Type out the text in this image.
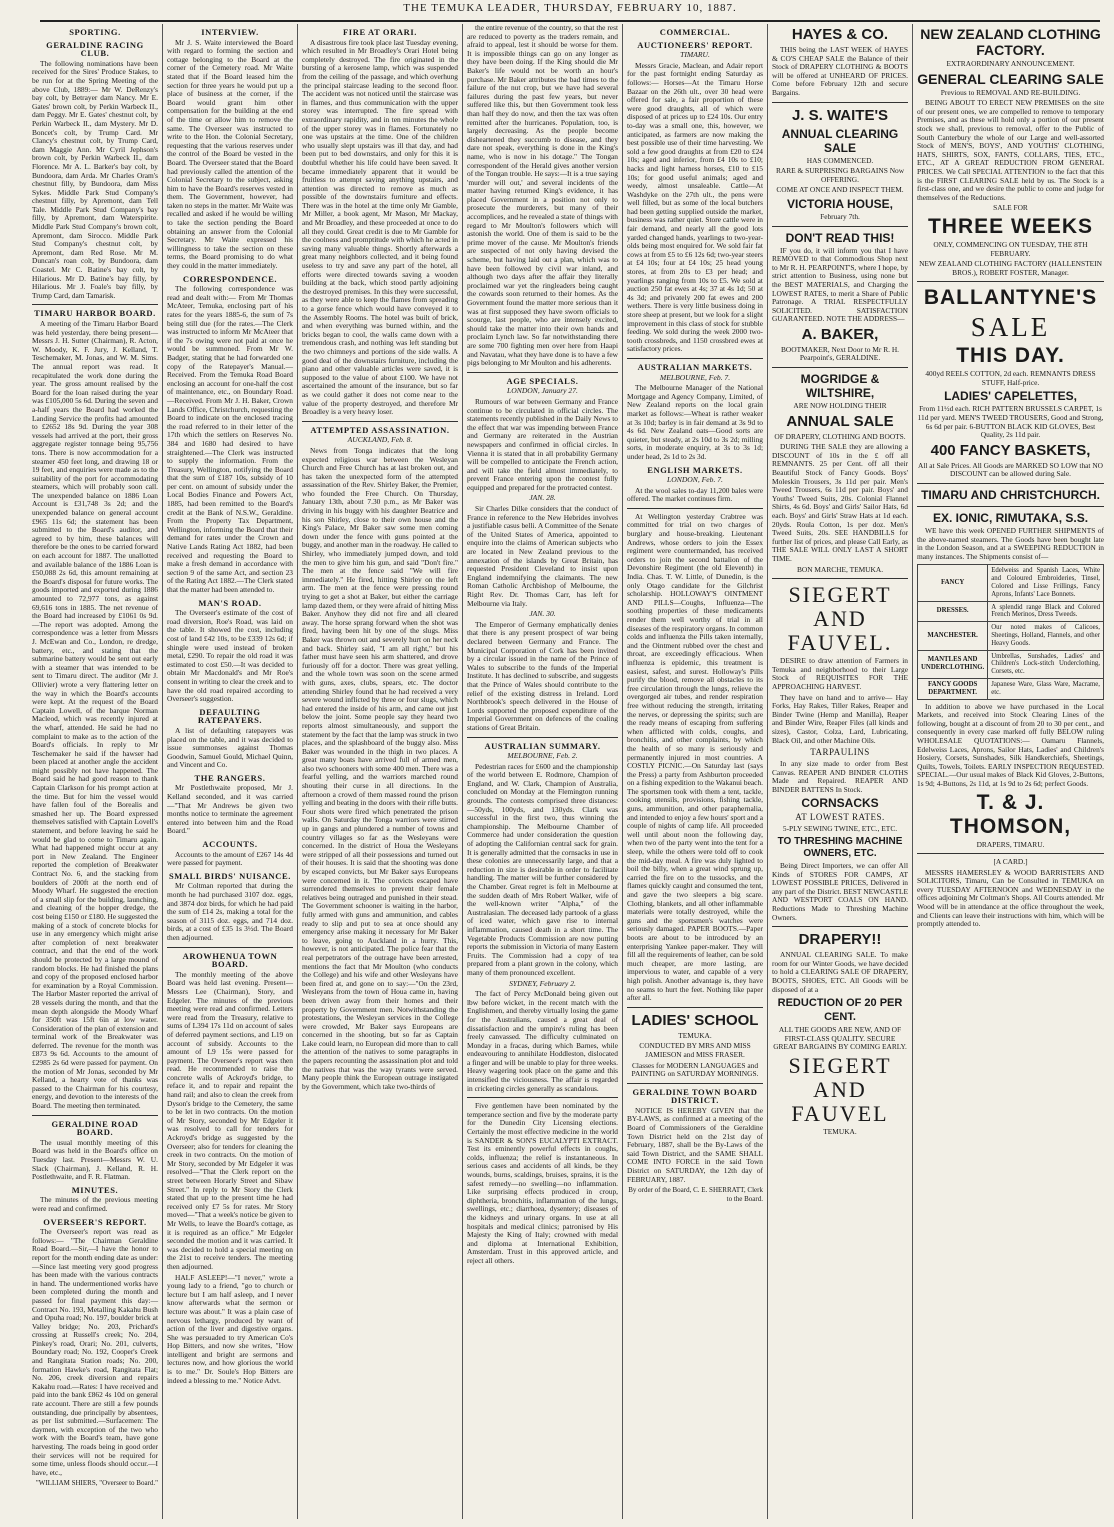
THE TEMUKA LEADER, THURSDAY, FEBRUARY 10, 1887.
SPORTING.
GERALDINE RACING CLUB.

The following nominations have been received for the Sires' Produce Stakes, to be run for at the Spring Meeting of the above Club, 1889:— Mr W. DeRenzy's bay colt, by Betrayer dam Nancy. Mr E. Gates' brown colt, by Perkin Warbeck II., dam Peggy. Mr E. Gates' chestnut colt, by Perkin Warbeck II., dam Mystery. Mr D. Boncet's colt, by Trump Card. Mr Clancy's chestnut colt, by Trump Card, dam Maggie Ann. Mr Cyril Jephson's brown colt, by Perkin Warbeck II., dam Florence. Mr A. L. Barker's bay colt, by Bundoora, dam Arda. Mr Charles Oram's chestnut filly, by Bundoora, dam Miss Sykes. Middle Park Stud Company's chestnut filly, by Apremont, dam Tell Tale. Middle Park Stud Company's bay filly, by Apremont, dam Waterspirite. Middle Park Stud Company's brown colt, Apremont, dam Sirocco. Middle Park Stud Company's chestnut colt, by Apremont, dam Red Rose. Mr M. Duncan's roan colt, by Bundoora, dam Coastel. Mr C. Batine's bay colt, by Hilarious. Mr D. Batine's bay filly, by Hilarious. Mr J. Foale's bay filly, by Trump Card, dam Tamarisk.

TIMARU HARBOR BOARD.

A meeting of the Timaru Harbor Board was held yesterday, there being present—Messrs J. H. Sutter (Chairman), R. Acton, W. Moody, K. F. Jury, J. Kelland, T. Teschemaker, M. Jonas, and W. M. Sims. The annual report was read. It recapitulated the work done during the year. The gross amount realised by the Board for the loan raised during the year was £105,000 5s 6d. During the seven and a-half years the Board had worked the Landing Service the profits had amounted to £2652 18s 9d. During the year 308 vessels had arrived at the port, their gross aggregate register tonnage being 95,756 tons. There is now accommodation for a steamer 450 feet long, and drawing 18 or 19 feet, and enquiries were made as to the suitability of the port for accommodating steamers, which will probably soon call. The unexpended balance on 1886 Loan Account is £31,748 3s 2d; and the unexpended balance on general account £965 11s 6d; the statement has been submitted to the Board's auditor, and agreed to by him, these balances will therefore be the ones to be carried forward on each account for 1887. The unallotted and available balance of the 1886 Loan is £50,088 2s 6d, this amount remaining at the Board's disposal for future works. The goods imported and exported during 1886 amounted to 72,977 tons, as against 69,616 tons in 1885. The net revenue of the Board had increased by £1061 0s 9d.—The report was adopted. Among the correspondence was a letter from Messrs J. McEwan and Co., London, re dredge, battery, etc., and stating that the submarine battery would be sent out early with a steamer that was intended to be sent to Timaru direct. The auditor (Mr J. Ollivier) wrote a very flattering letter on the way in which the Board's accounts were kept. At the request of the Board Captain Lowell, of the barque Norman Macleod, which was recently injured at the wharf, attended. He said he had no complaint to make as to the action of the Board's officials. In reply to Mr Teschemaker he said if the hawser had been placed at another angle the accident might possibly not have happened. The Board said he had good reason to thank Captain Clarkson for his prompt action at the time. But for him the vessel would have fallen foul of the Borealis and smashed her up. The Board expressed themselves satisfied with Captain Lovell's statement, and before leaving he said he would be glad to come to Timaru again. What had happened might occur at any port in New Zealand. The Engineer reported the completion of Breakwater Contract No. 6, and the stacking from boulders of 200ft at the north end of Moody Wharf. He suggested the erection of a small slip for the building, launching, and cleaning of the hopper dredge, the cost being £150 or £180. He suggested the making of a stock of concrete blocks for use in any emergency which might arise after completion of next breakwater contract, and that the end of the work should be protected by a large mound of random blocks. He had finished the plans and copy of the proposed enclosed harbor for examination by a Royal Commission. The Harbor Master reported the arrival of 28 vessels during the month, and that the mean depth alongside the Moody Wharf for 350ft was 15ft 6in at low water. Consideration of the plan of extension and terminal work of the Breakwater was deferred. The revenue for the month was £873 9s 6d. Accounts to the amount of £2985 2s 6d were passed for payment. On the motion of Mr Jonas, seconded by Mr Kelland, a hearty vote of thanks was passed to the Chairman for his courtesy, energy, and devotion to the interests of the Board. The meeting then terminated.

GERALDINE ROAD BOARD.

The usual monthly meeting of this Board was held in the Board's office on Tuesday last. Present—Messrs W. U. Slack (Chairman), J. Kelland, R. H. Postlethwaite, and F. R. Flatman.

MINUTES.

The minutes of the previous meeting were read and confirmed.

OVERSEER'S REPORT.

The Overseer's report was read as follows:— "The Chairman Geraldine Road Board.—Sir,—I have the honor to report for the month ending date as under:—Since last meeting very good progress has been made with the various contracts in hand. The undermentioned works have been completed during the month and passed for final payment this day:—Contract No. 193, Metalling Kakahu Bush and Opuha road; No. 197, boulder brick at Valley bridge; No. 203, Prichard's crossing at Russell's creek; No. 204, Pinkey's road, Orari; No. 201, culverts, Boundary road; No. 192, Cooper's Creek and Rangitata Station roads; No. 200, formation Hawke's road, Rangitata Flat; No. 206, creek diversion and repairs Kakahu road.—Rates: I have received and paid into the bank £862 4s 10d on general rate account. There are still a few pounds outstanding, due principally by absentees, as per list submitted.—Surfacemen: The daymen, with exception of the two who work with the Board's team, have gone harvesting. The roads being in good order their services will not be required for some time, unless floods should occur.—I have, etc.,

"WILLIAM SHIERS, "Overseer to Board."
INTERVIEW.

Mr J. S. Waite interviewed the Board with regard to forming the section and cottage belonging to the Board at the corner of the Cemetery road. Mr Waite stated that if the Board leased him the section for three years he would put up a place of business at the corner, if the Board would grant him other compensation for the building at the end of the time or allow him to remove the same. The Overseer was instructed to write to the Hon. the Colonial Secretary, requesting that the various reserves under the control of the Board be vested in the Board. The Overseer stated that the Board had previously called the attention of the Colonial Secretary to the subject, asking him to have the Board's reserves vested in them. The Government, however, had taken no steps in the matter. Mr Waite was recalled and asked if he would be willing to take the section pending the Board obtaining an answer from the Colonial Secretary. Mr Waite expressed his willingness to take the section on these terms, the Board promising to do what they could in the matter immediately.

CORRESPONDENCE.

The following correspondence was read and dealt with:— From Mr Thomas McAteer, Temuka, enclosing part of his rates for the years 1885-6, the sum of 7s being still due (for the rates.—The Clerk was instructed to inform Mr McAteer that if the 7s owing were not paid at once he would be summoned. From Mr W. Badger, stating that he had forwarded one copy of the Ratepayer's Manual.—Received. From the Temuka Road Board enclosing an account for one-half the cost of maintenance, etc., on Boundary Road.—Received. From Mr J. H. Baker, Crown Lands Office, Christchurch, requesting the Board to indicate on the enclosed tracing the road referred to in their letter of the 17th which the settlers on Reserves No. 384 and 1680 had desired to have straightened.—The Clerk was instructed to supply the information. From the Treasury, Wellington, notifying the Board that the sum of £187 10s, subsidy of 10 per cent. on amount of subsidy under the Local Bodies Finance and Powers Act, 1885, had been remitted to the Board's credit at the Bank of N.S.W., Geraldine. From the Property Tax Department, Wellington, informing the Board that their demand for rates under the Crown and Native Lands Rating Act 1882, had been received and requesting the Board to make a fresh demand in accordance with section 9 of the same Act, and section 23 of the Rating Act 1882.—The Clerk stated that the matter had been attended to.

MAN'S ROAD.

The Overseer's estimate of the cost of road diversion, Roe's Road, was laid on the table. It showed the cost, including cost of land £42 10s, to be £339 12s 6d; if shingle were used instead of broken metal, £290. To repair the old road it was estimated to cost £50.—It was decided to obtain Mr Macdonald's and Mr Roe's consent in writing to clear the creek and to have the old road repaired according to Overseer's suggestion.

DEFAULTING RATEPAYERS.

A list of defaulting ratepayers was placed on the table, and it was decided to issue summonses against Thomas Goodwin, Samuel Gould, Michael Quinn, and Vincent and Co.

THE RANGERS.

Mr Postlethwaite proposed, Mr J. Kelland seconded, and it was carried—"That Mr Andrews be given two months notice to terminate the agreement entered into between him and the Road Board."

ACCOUNTS.

Accounts to the amount of £267 14s 4d were passed for payment.

SMALL BIRDS' NUISANCE.

Mr Coltman reported that during the month he had purchased 3107 doz. eggs, and 3874 doz birds, for which he had paid the sum of £14 2s, making a total for the season of 3115 doz. eggs, and 714 doz. birds, at a cost of £35 1s 3½d. The Board then adjourned.

AROWHENUA TOWN BOARD.

The monthly meeting of the above Board was held last evening. Present—Messrs Lee (Chairman), Story, and Edgeler. The minutes of the previous meeting were read and confirmed. Letters were read from the Treasury, relative to sums of L394 17s 11d on account of sales of deferred payment sections, and L19 on account of subsidy. Accounts to the amount of L9 15s were passed for payment. The Overseer's report was then read. He recommended to raise the concrete walls of Ackroyd's bridge, to reface it, and to repair and repaint the hand rail; and also to clean the creek from Dyson's bridge to the Cemetery, the same to be let in two contracts. On the motion of Mr Story, seconded by Mr Edgeler it was resolved to call for tenders for Ackroyd's bridge as suggested by the Overseer; also for tenders for cleaning the creek in two contracts. On the motion of Mr Story, seconded by Mr Edgeler it was resolved—"That the Clerk report on the street between Horarly Street and Sibaw Street." In reply to Mr Story the Clerk stated that up to the present time he had received only £7 5s for rates. Mr Story moved—"That a week's notice be given to Mr Wells, to leave the Board's cottage, as it is required as an office." Mr Edgeler seconded the motion and it was carried. It was decided to hold a special meeting on the 21st to receive tenders. The meeting then adjourned.

HALF ASLEEP!—"I never," wrote a young lady to a friend, "go to church or lecture but I am half asleep, and I never know afterwards what the sermon or lecture was about." It was a plain case of nervous lethargy, produced by want of action of the liver and digestive organs. She was persuaded to try American Co's Hop Bitters, and now she writes, "How intelligent and bright are sermons and lectures now, and how glorious the world is to me." Dr. Soule's Hop Bitters are indeed a blessing to me." Notice Advt.

FIRE AT ORARI.

A disastrous fire took place last Tuesday evening, which resulted in Mr Broadley's Orari Hotel being completely destroyed. The fire originated in the bursting of a kerosene lamp, which was suspended from the ceiling of the passage, and which overhung the principal staircase leading to the second floor. The accident was not noticed until the staircase was in flames, and thus communication with the upper storey was interrupted. The fire spread with extraordinary rapidity, and in ten minutes the whole of the upper storey was in flames. Fortunately no one was upstairs at the time. One of the children who usually slept upstairs was ill that day, and had been put to bed downstairs, and only for this it is doubtful whether his life could have been saved. It became immediately apparent that it would be fruitless to attempt saving anything upstairs, and attention was directed to remove as much as possible of the downstairs furniture and effects. There was in the hotel at the time only Mr Gamble, Mr Miller, a book agent, Mr Mason, Mr Mackay, and Mr Broadley, and these proceeded at once to do all they could. Great credit is due to Mr Gamble for the coolness and promptitude with which he acted in saving many valuable things. Shortly afterwards a great many neighbors collected, and it being found useless to try and save any part of the hotel, all efforts were directed towards saving a wooden building at the back, which stood partly adjoining the destroyed premises. In this they were successful, as they were able to keep the flames from spreading to a gorse fence which would have conveyed it to the Assembly Rooms. The hotel was built of brick, and when everything was burned within, and the bricks began to cool, the walls came down with a tremendous crash, and nothing was left standing but the two chimneys and portions of the side walls. A good deal of the downstairs furniture, including the piano and other valuable articles were saved, it is supposed to the value of about £100. We have not ascertained the amount of the insurance, but so far as we could gather it does not come near to the value of the property destroyed, and therefore Mr Broadley is a very heavy loser.

ATTEMPTED ASSASSINATION.
AUCKLAND, Feb. 8.

News from Tonga indicates that the long expected religious war between the Wesleyan Church and Free Church has at last broken out, and has taken the unexpected form of the attempted assassination of the Rev. Shirley Baker, the Premier, who founded the Free Church. On Thursday, January 13th, about 7.30 p.m., as Mr Baker was driving in his buggy with his daughter Beatrice and his son Shirley, close to their own house and the King's Palace, Mr Baker saw some men coming down under the fence with guns pointed at the buggy, and another man in the roadway. He called to Shirley, who immediately jumped down, and told the men to give him his gun, and said "Don't fire." The men at the fence said "We will fire immediately." He fired, hitting Shirley on the left arm. The men at the fence were pressing round trying to get a shot at Baker, but either the carriage lamp dazed them, or they were afraid of hitting Miss Baker. Anyhow they did not fire and all cleared away. The horse sprang forward when the shot was fired, having been hit by one of the slugs. Miss Baker was thrown out and severely hurt on her neck and back. Shirley said, "I am all right," but his father must have seen his arm shattered, and drove furiously off for a doctor. There was great yelling, and the whole town was soon on the scene armed with guns, axes, clubs, spears, etc. The doctor attending Shirley found that he had received a very severe wound inflicted by three or four slugs, which had entered the inside of his arm, and came out just below the joint. Some people say they heard two reports almost simultaneously, and support the statement by the fact that the lamp was struck in two places, and the splashboard of the buggy also. Miss Baker was wounded in the thigh in two places. A great many boats have arrived full of armed men, also two schooners with some 400 men. There was a fearful yelling, and the warriors marched round shouting their curse in all directions. In the afternoon a crowd of them massed round the prison yelling and beating in the doors with their rifle butts. Four shots were fired which penetrated the prison walls. On Saturday the Tonga warriors were stirred up in gangs and plundered a number of towns and country villages so far as the Wesleyans were concerned. In the district of Houa the Wesleyans were stripped of all their possessions and turned out of their houses. It is said that the shooting was done by escaped convicts, but Mr Baker says Europeans were concerned in it. The convicts escaped have surrendered themselves to prevent their female relatives being outraged and punished in their stead. The Government schooner is waiting in the harbor, fully armed with guns and ammunition, and cables ready to slip and put to sea at once should any emergency arise making it necessary for Mr Baker to leave, going to Auckland in a hurry. This, however, is not anticipated. The police fear that the real perpetrators of the outrage have been arrested, mentions the fact that Mr Moulton (who conducts the College) and his wife and other Wesleyans have been fired at, and gone on to say:—"On the 23rd, Wesleyans from the town of Houa came in, having been driven away from their homes and their property by Government men. Notwithstanding the protestations, the Wesleyan services in the College were crowded, Mr Baker says Europeans are concerned in the shooting, but so far as Captain Lake could learn, no European did more than to call the attention of the natives to some paragraphs in the papers recounting the assassination plot and told the natives that was the way tyrants were served. Many people think the European outrage instigated by the Government, which take two-thirds of

the entire revenue of the country, so that the rest are reduced to poverty as the traders remain, and afraid to appeal, lest it should be worse for them. It is impossible things can go on any longer as they have been doing. If the King should die Mr Baker's life would not be worth an hour's purchase. Mr Baker attributes the bad times to the failure of the nut crop, but we have had several failures during the past few years, but never suffered like this, but then Government took less than half they do now, and then the tax was often remitted after the hurricanes. Population, too, is largely decreasing. As the people become disheartened they succumb to disease, and they dare not speak, everything is done in the King's name, who is now in his dotage." The Tongan correspondent of the Herald gives another version of the Tongan trouble. He says:—It is a true saying 'murder will out,' and several incidents of the matter having returned King's evidence, it has placed Government in a position not only to prosecute the murderers, but many of their accomplices, and he revealed a state of things with regard to Mr Moulton's followers which will astonish the world. One of them is said to be the prime mover of the cause. Mr Moulton's friends are suspected of not only having devised the scheme, but having laid out a plan, which was to have been followed by civil war inland, and although two days after the affair they literally proclaimed war yet the ringleaders being caught the cowards soon returned to their homes. As the Government found the matter more serious than it was at first supposed they have sworn officials to scourge, last people, who are intensely excited, should take the matter into their own hands and proclaim Lynch law. So far notwithstanding there are some 700 fighting men over here from Haapi and Navatau, what they have done is to have a few pigs belonging to Mr Moulton and his adherents.

AGE SPECIALS.
LONDON, January 27.

Rumours of war between Germany and France continue to be circulated in official circles. The statements recently published in the Daily News to the effect that war was impending between France and Germany are reiterated in the Austrian newspapers and confirmed in official circles. In Vienna it is stated that in all probability Germany will be compelled to anticipate the French action, and will take the field almost immediately, to prevent France entering upon the contest fully equipped and prepared for the protracted contest.

JAN. 28.

Sir Charles Dilke considers that the conduct of France in reference to the New Hebrides involves a justifiable casus belli. A Committee of the Senate of the United States of America, appointed to enquire into the claims of American subjects who are located in New Zealand previous to the annexation of the islands by Great Britain, has requested President Cleveland to insist upon England indemnifying the claimants. The new Roman Catholic Archbishop of Melbourne, the Right Rev. Dr. Thomas Carr, has left for Melbourne via Italy.

JAN. 30.

The Emperor of Germany emphatically denies that there is any present prospect of war being declared between Germany and France. The Municipal Corporation of Cork has been invited by a circular issued in the name of the Prince of Wales to subscribe to the funds of the Imperial Institute. It has declined to subscribe, and suggests that the Prince of Wales should contribute to the relief of the existing distress in Ireland. Lord Northbrook's speech delivered in the House of Lords supported the proposed expenditure of the Imperial Government on defences of the coaling stations of Great Britain.

AUSTRALIAN SUMMARY.
MELBOURNE, Feb. 2.

Pedestrian races for £600 and the championship of the world between E. Rodmore, Champion of England, and W. Clark, Champion of Australia, concluded on Monday at the Flemington running grounds. The contests comprised three distances:—50yds, 100yds, and 130yds. Clark was successful in the first two, thus winning the championship. The Melbourne Chamber of Commerce had under consideration the question of adopting the Californian central sack for grain. It is generally admitted that the cornsacks in use in these colonies are unnecessarily large, and that a reduction in size is desirable in order to facilitate handling. The matter will be further considered by the Chamber. Great regret is felt in Melbourne at the sudden death of Mrs Robert Walker, wife of the well-known writer "Alpha," of the Australasian. The deceased lady partook of a glass of iced water, which gave rise to internal inflammation, caused death in a short time. The Vegetable Products Commission are now putting reports the submission in Victoria of many Eastern Fruits. The Commission had a copy of tea prepared from a plant grown in the colony, which many of them pronounced excellent.

SYDNEY, February 2.

The fact of Percy McDonald being given out lbw before wicket, in the recent match with the Englishmen, and thereby virtually losing the game for the Australians, caused a great deal of dissatisfaction and the umpire's ruling has been freely canvassed. The difficulty culminated on Monday in a fracas, during which Barnes, while endeavouring to annihilate Hoddleston, dislocated a finger and will be unable to play for three weeks. Heavy wagering took place on the game and this intensified the viciousness. The affair is regarded in cricketing circles generally as scandalous.

Five gentlemen have been nominated by the temperance section and five by the moderate party for the Dunedin City Licensing elections. Certainly the most effective medicine in the world is SANDER & SON'S EUCALYPTI EXTRACT. Test its eminently powerful effects in coughs, colds, influenza; the relief is instantaneous. In serious cases and accidents of all kinds, be they wounds, burns, scaldings, bruises, sprains, it is the safest remedy—no swelling—no inflammation. Like surprising effects produced in croup, diphtheria, bronchitis, inflammation of the lungs, swellings, etc.; diarrhoea, dysentery; diseases of the kidneys and urinary organs. In use at all hospitals and medical clinics; patronised by His Majesty the King of Italy; crowned with medal and diploma at International Exhibition, Amsterdam. Trust in this approved article, and reject all others.

COMMERCIAL.
AUCTIONEERS' REPORT.
TIMARU.

Messrs Gracie, Maclean, and Adair report for the past fortnight ending Saturday as follows:— Horses—At the Timaru Horse Bazaar on the 26th ult., over 30 head were offered for sale, a fair proportion of these were good draughts, all of which were disposed of at prices up to £24 10s. Our entry to-day was a small one, this, however, we anticipated, as farmers are now making the best possible use of their time harvesting. We sold a few good draughts at from £20 to £24 10s; aged and inferior, from £4 10s to £10; hacks and light harness horses, £10 to £15 10s; for good useful animals; aged and weedy, almost unsaleable. Cattle—At Washdyke on the 27th ult., the pens were well filled, but as some of the local butchers had been getting supplied outside the market, business was rather quiet. Store cattle were in fair demand, and nearly all the good lots yarded changed hands, yearlings to two-year-olds being most enquired for. We sold fair fat cows at from £5 to £6 12s 6d; two-year steers at £4 10s; four at £4 10s; 25 head young stores, at from 20s to £3 per head; and yearlings ranging from 10s to £5. We sold at auction 250 fat ewes at 4s; 37 at 4s 1d; 50 at 4s 3d; and privately 200 fat ewes and 200 wethers. There is very little business doing in store sheep at present, but we look for a slight improvement in this class of stock for stubble feeding. We sold during the week 2000 two-tooth crossbreds, and 1150 crossbred ewes at satisfactory prices.

AUSTRALIAN MARKETS.
MELBOURNE, Feb. 7.

The Melbourne Manager of the National Mortgage and Agency Company, Limited, of New Zealand reports on the local grain market as follows:—Wheat is rather weaker at 3s 10d; barley is in fair demand at 3s 9d to 4s 6d. New Zealand oats—Good sorts are quieter, but steady, at 2s 10d to 3s 2d; milling sorts, in moderate enquiry, at 3s to 3s 1d; under head, 2s 1d to 2s 3d.

ENGLISH MARKETS.
LONDON, Feb. 7.

At the wool sales to-day 11,200 bales were offered. The market continues firm.

At Wellington yesterday Crabtree was committed for trial on two charges of burglary and house-breaking. Lieutenant Andrews, whose orders to join the Essex regiment were countermanded, has received orders to join the second battalion of the Devonshire Regiment (the old Eleventh) in India. Chas. T. W. Little, of Dunedin, is the only Otago candidate for the Gilchrist scholarship. HOLLOWAY'S OINTMENT AND PILLS—Coughs, Influenza—The soothing properties of these medicaments render them well worthy of trial in all diseases of the respiratory organs. In common colds and influenza the Pills taken internally, and the Ointment rubbed over the chest and throat, are exceedingly efficacious. When influenza is epidemic, this treatment is easiest, safest, and surest. Holloway's Pills purify the blood, remove all obstacles to its free circulation through the lungs, relieve the overgorged air tubes, and render respiration free without reducing the strength, irritating the nerves, or depressing the spirits; such are the ready means of escaping from suffering when afflicted with colds, coughs, and bronchitis, and other complaints, by which the health of so many is seriously and permanently injured in most countries. A COSTLY PICNIC.—On Saturday last (says the Press) a party from Ashburton proceeded on a fishing expedition to the Wakanui beach. The sportsmen took with them a tent, tackle, cooking utensils, provisions, fishing tackle, guns, ammunition, and other paraphernalia, and intended to enjoy a few hours' sport and a couple of nights of camp life. All proceeded well until about noon the following day, when two of the party went into the tent for a sleep, while the others were told off to cook the mid-day meal. A fire was duly lighted to boil the billy, when a great wind sprung up, carried the fire on to the tussocks, and the flames quickly caught and consumed the tent, and gave the two sleepers a big scare. Clothing, blankets, and all other inflammable materials were totally destroyed, while the guns and the sportsmen's watches were seriously damaged. PAPER BOOTS.—Paper boots are about to be introduced by an enterprising Yankee paper-maker. They will fill all the requirements of leather, can be sold much cheaper, are more lasting, are impervious to water, and capable of a very high polish. Another advantage is, they have no seams to hurt the feet. Nothing like paper after all.

LADIES' SCHOOL
TEMUKA.
CONDUCTED BY MRS AND MISS JAMIESON and MISS FRASER.
Classes for MODERN LANGUAGES and PAINTING on SATURDAY MORNINGS.
GERALDINE TOWN BOARD DISTRICT.

NOTICE IS HEREBY GIVEN that the BY-LAWS, as confirmed at a meeting of the Board of Commissioners of the Geraldine Town District held on the 21st day of February, 1887, shall be the By-Laws of the said Town District, and the SAME SHALL COME INTO FORCE in the said Town District on SATURDAY, the 12th day of FEBRUARY, 1887.

By order of the Board, C. E. SHERRATT, Clerk to the Board.
HAYES & CO.

THIS being the LAST WEEK of HAYES & CO'S CHEAP SALE the Balance of their Stock of DRAPERY CLOTHING & BOOTS will be offered at UNHEARD OF PRICES. Come before February 12th and secure Bargains.

J. S. WAITE'S
ANNUAL CLEARING SALE
HAS COMMENCED.
RARE & SURPRISING BARGAINS Now OFFERING.
COME AT ONCE AND INSPECT THEM.
VICTORIA HOUSE,
February 7th.
DON'T READ THIS!

IF you do, it will inform you that I have REMOVED to that Commodious Shop next to Mr R. H. PEARPOINT'S, where I hope, by strict attention to Business, using none but the BEST MATERIALS, and Charging the LOWEST RATES, to merit a Share of Public Patronage. A TRIAL RESPECTFULLY SOLICITED. SATISFACTION GUARANTEED. NOTE THE ADDRESS—

A. BAKER,
BOOTMAKER, Next Door to Mr R. H. Pearpoint's, GERALDINE.
MOGRIDGE & WILTSHIRE,
ARE NOW HOLDING THEIR
ANNUAL SALE
OF DRAPERY, CLOTHING AND BOOTS.

DURING THE SALE they are allowing a DISCOUNT of 10s in the £ off all REMNANTS. 25 per Cent. off all their Beautiful Stock of Fancy Goods. Boys' Moleskin Trousers, 3s 11d per pair. Men's Tweed Trousers, 6s 11d per pair. Boys' and Youths' Tweed Suits, 20s. Colonial Flannel Shirts, 4s 6d. Boys' and Girls' Sailor Hats, 6d each. Boys' and Girls' Straw Hats at 1d each. 20yds. Roula Cotton, 1s per doz. Men's Tweed Suits, 20s. SEE HANDBILLS for further list of prices, and please Call Early, as THE SALE WILL ONLY LAST A SHORT TIME.

BON MARCHE, TEMUKA.
SIEGERT AND FAUVEL.

DESIRE to draw attention of Farmers in Temuka and neighborhood to their Large Stock of REQUISITES FOR THE APPROACHING HARVEST.

They have on hand and to arrive— Hay Forks, Hay Rakes, Tiller Rakes, Reaper and Binder Twine (Hemp and Manilla), Reaper and Binder Wire, Reaper Files (all kinds and sizes), Castor, Colza, Lard, Lubricating, Black Oil, and other Machine Oils.

TARPAULINS

In any size made to order from Best Canvas. REAPER AND BINDER CLOTHS Made and Repaired. REAPER AND BINDER BATTENS In Stock.

CORNSACKS
AT LOWEST RATES.
5-PLY SEWING TWINE, ETC., ETC.
TO THRESHING MACHINE OWNERS, ETC.

Being Direct Importers, we can offer All Kinds of STORES FOR CAMPS, AT LOWEST POSSIBLE PRICES, Delivered in any part of the District. BEST NEWCASTLE AND WESTPORT COALS ON HAND. Reductions Made to Threshing Machine Owners.

DRAPERY!!

ANNUAL CLEARING SALE. To make room for our Winter Goods, we have decided to hold a CLEARING SALE OF DRAPERY, BOOTS, SHOES, ETC. All Goods will be disposed of at a

REDUCTION OF 20 PER CENT.
ALL THE GOODS ARE NEW, AND OF FIRST-CLASS QUALITY. SECURE GREAT BARGAINS BY COMING EARLY.
SIEGERT AND FAUVEL
TEMUKA.
NEW ZEALAND CLOTHING FACTORY.
EXTRAORDINARY ANNOUNCEMENT.
GENERAL CLEARING SALE
Previous to REMOVAL AND RE-BUILDING.

BEING ABOUT TO ERECT NEW PREMISES on the site of our present ones, we are compelled to remove to temporary Premises, and as these will hold only a portion of our present stock we shall, previous to removal, offer to the Public of South Canterbury the whole of our Large and well-assorted Stock of MEN'S, BOYS', AND YOUTHS' CLOTHING, HATS, SHIRTS, SOX, FANTS, COLLARS, TIES, ETC., ETC., AT A GREAT REDUCTION FROM GENERAL PRICES. We Call SPECIAL ATTENTION to the fact that this is the FIRST CLEARING SALE held by us. The Stock is a first-class one, and we desire the public to come and judge for themselves of the Reductions.

SALE FOR
THREE WEEKS
ONLY, COMMENCING ON TUESDAY, THE 8TH FEBRUARY.
NEW ZEALAND CLOTHING FACTORY (HALLENSTEIN BROS.), ROBERT FOSTER, Manager.
BALLANTYNE'S
SALE
THIS DAY.
400yd REELS COTTON, 2d each. REMNANTS DRESS STUFF, Half-price.
LADIES' CAPELETTES,
From 11½d each. RICH PATTERN BRUSSELS CARPET, 1s 11d per yard. MEN'S TWEED TROUSERS, Good and Strong, 6s 6d per pair. 6-BUTTON BLACK KID GLOVES, Best Quality, 2s 11d pair.
400 FANCY BASKETS,
All at Sale Prices. All Goods are MARKED SO LOW that NO DISCOUNT can be allowed during Sale.
TIMARU AND CHRISTCHURCH.
EX. IONIC, RIMUTAKA, S.S.

WE have this week OPENED FURTHER SHIPMENTS of the above-named steamers. The Goods have been bought late in the London Season, and at a SWEEPING REDUCTION in many instances. The Shipments consist of—

FANCY	Edelweiss and Spanish Laces, White and Coloured Embroideries, Tinsel, Colored and Lisse Frillings, Fancy Aprons, Infants' Lace Bonnets.
DRESSES.	A splendid range Black and Colored French Merinos, Dress Tweeds.
MANCHESTER.	Our noted makes of Calicoes, Sheetings, Holland, Flannels, and other Heavy Goods.
MANTLES AND UNDERCLOTHING.	Umbrellas, Sunshades, Ladies' and Children's Lock-stitch Underclothing, Corsets, etc.
FANCY GOODS DEPARTMENT.	Japanese Ware, Glass Ware, Macrame, etc.

In addition to above we have purchased in the Local Markets, and received into Stock Clearing Lines of the following, bought at a discount of from 20 to 30 per cent., and consequently in every case marked off fully BELOW ruling WHOLESALE QUOTATIONS:— Oamaru Flannels, Edelweiss Laces, Aprons, Sailor Hats, Ladies' and Children's Hosiery, Corsets, Sunshades, Silk Handkerchiefs, Sheetings, Quilts, Towels, Toilets. EARLY INSPECTION REQUESTED. SPECIAL.—Our usual makes of Black Kid Gloves, 2-Buttons, 1s 9d; 4-Buttons, 2s 11d, at 1s 9d to 2s 6d; perfect Goods.

T. & J. THOMSON,
DRAPERS, TIMARU.
[A CARD.]

MESSRS HAMERSLEY & WOOD BARRISTERS AND SOLICITORS, Timaru, Can be Consulted in TEMUKA on every TUESDAY AFTERNOON and WEDNESDAY in the offices adjoining Mr Coltman's Shops. All Courts attended. Mr Wood will be in attendance at the office throughout the week, and Clients can leave their instructions with him, which will be promptly attended to.
